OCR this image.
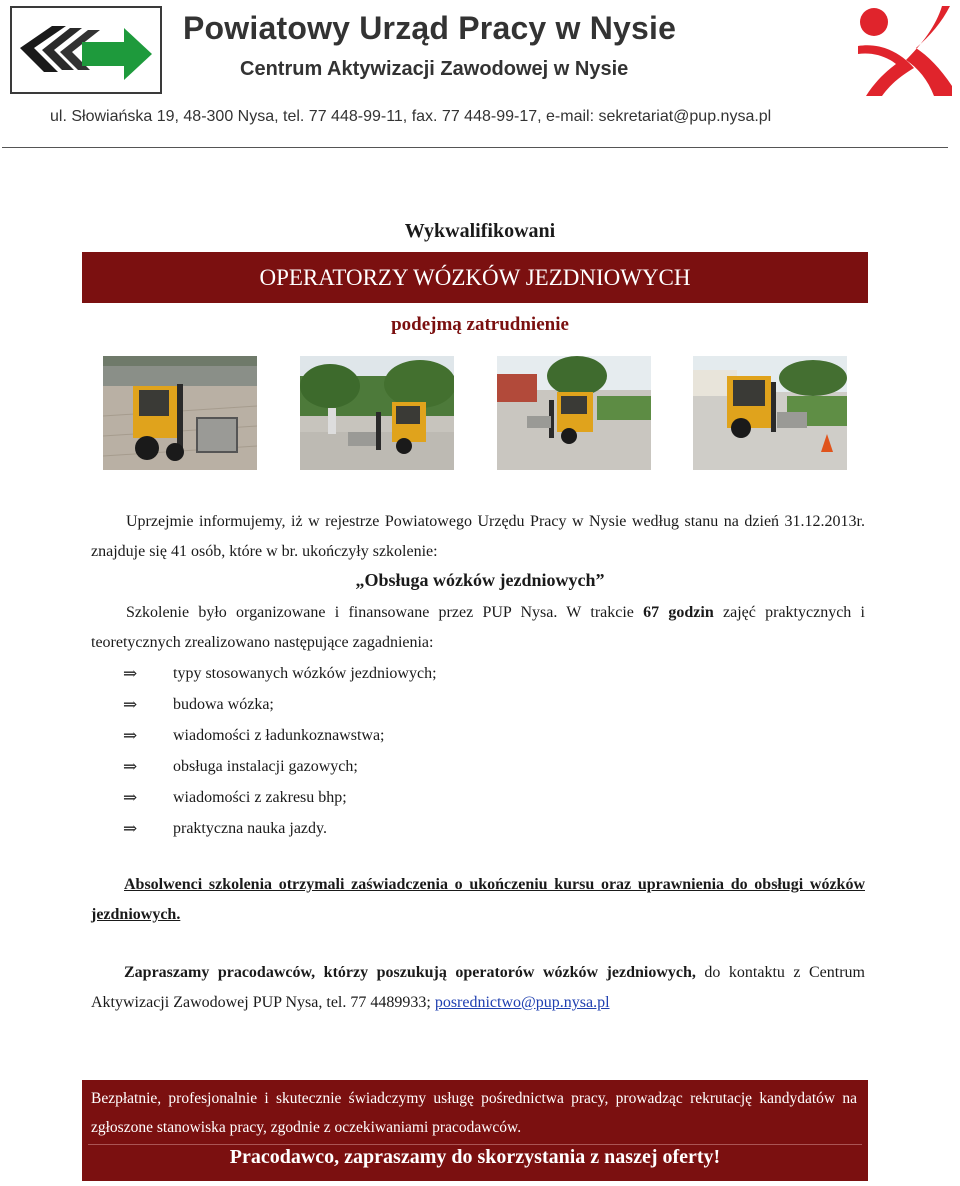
Powiatowy Urząd Pracy w Nysie
Centrum Aktywizacji Zawodowej w Nysie

ul. Słowiańska 19, 48-300 Nysa, tel. 77 448-99-11, fax. 77 448-99-17, e-mail: sekretariat@pup.nysa.pl

Wykwalifikowani
OPERATORZY WÓZKÓW JEZDNIOWYCH
podejmą zatrudnienie

Uprzejmie informujemy, iż w rejestrze Powiatowego Urzędu Pracy w Nysie według stanu na dzień 31.12.2013r. znajduje się 41 osób, które w br. ukończyły szkolenie:

„Obsługa wózków jezdniowych”

Szkolenie było organizowane i finansowane przez PUP Nysa. W trakcie 67 godzin zajęć praktycznych i teoretycznych zrealizowano następujące zagadnienia:

⇒	typy stosowanych wózków jezdniowych;
⇒	budowa wózka;
⇒	wiadomości z ładunkoznawstwa;
⇒	obsługa instalacji gazowych;
⇒	wiadomości z zakresu bhp;
⇒	praktyczna nauka jazdy.

Absolwenci szkolenia otrzymali zaświadczenia o ukończeniu kursu oraz uprawnienia do obsługi wózków jezdniowych.

Zapraszamy pracodawców, którzy poszukują operatorów wózków jezdniowych, do kontaktu z Centrum Aktywizacji Zawodowej PUP Nysa, tel. 77 4489933; posrednictwo@pup.nysa.pl

Bezpłatnie, profesjonalnie i skutecznie świadczymy usługę pośrednictwa pracy, prowadząc rekrutację kandydatów na zgłoszone stanowiska pracy, zgodnie z oczekiwaniami pracodawców.

Pracodawco, zapraszamy do skorzystania z naszej oferty!
